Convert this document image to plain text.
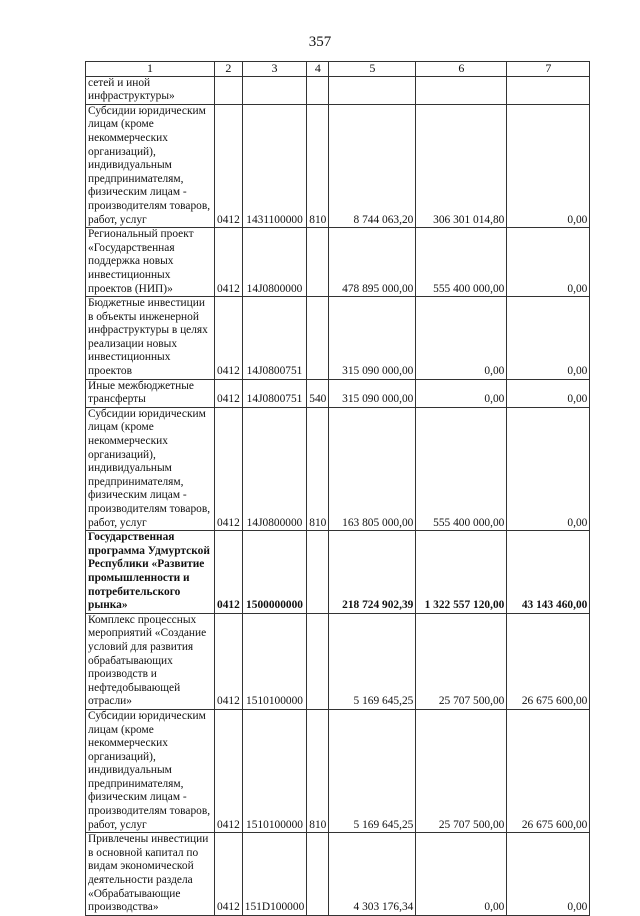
357
1	2	3	4	5	6	7
сетей и иной инфраструктуры»						
Субсидии юридическим лицам (кроме некоммерческих организаций), индивидуальным предпринимателям, физическим лицам - производителям товаров, работ, услуг	0412	1431100000	810	8 744 063,20	306 301 014,80	0,00
Региональный проект «Государственная поддержка новых инвестиционных проектов (НИП)»	0412	14J0800000		478 895 000,00	555 400 000,00	0,00
Бюджетные инвестиции в объекты инженерной инфраструктуры в целях реализации новых инвестиционных проектов	0412	14J0800751		315 090 000,00	0,00	0,00
Иные межбюджетные трансферты	0412	14J0800751	540	315 090 000,00	0,00	0,00
Субсидии юридическим лицам (кроме некоммерческих организаций), индивидуальным предпринимателям, физическим лицам - производителям товаров, работ, услуг	0412	14J0800000	810	163 805 000,00	555 400 000,00	0,00
Государственная программа Удмуртской Республики «Развитие промышленности и потребительского рынка»	0412	1500000000		218 724 902,39	1 322 557 120,00	43 143 460,00
Комплекс процессных мероприятий «Создание условий для развития обрабатывающих производств и нефтедобывающей отрасли»	0412	1510100000		5 169 645,25	25 707 500,00	26 675 600,00
Субсидии юридическим лицам (кроме некоммерческих организаций), индивидуальным предпринимателям, физическим лицам - производителям товаров, работ, услуг	0412	1510100000	810	5 169 645,25	25 707 500,00	26 675 600,00
Привлечены инвестиции в основной капитал по видам экономической деятельности раздела «Обрабатывающие производства»	0412	151D100000		4 303 176,34	0,00	0,00
